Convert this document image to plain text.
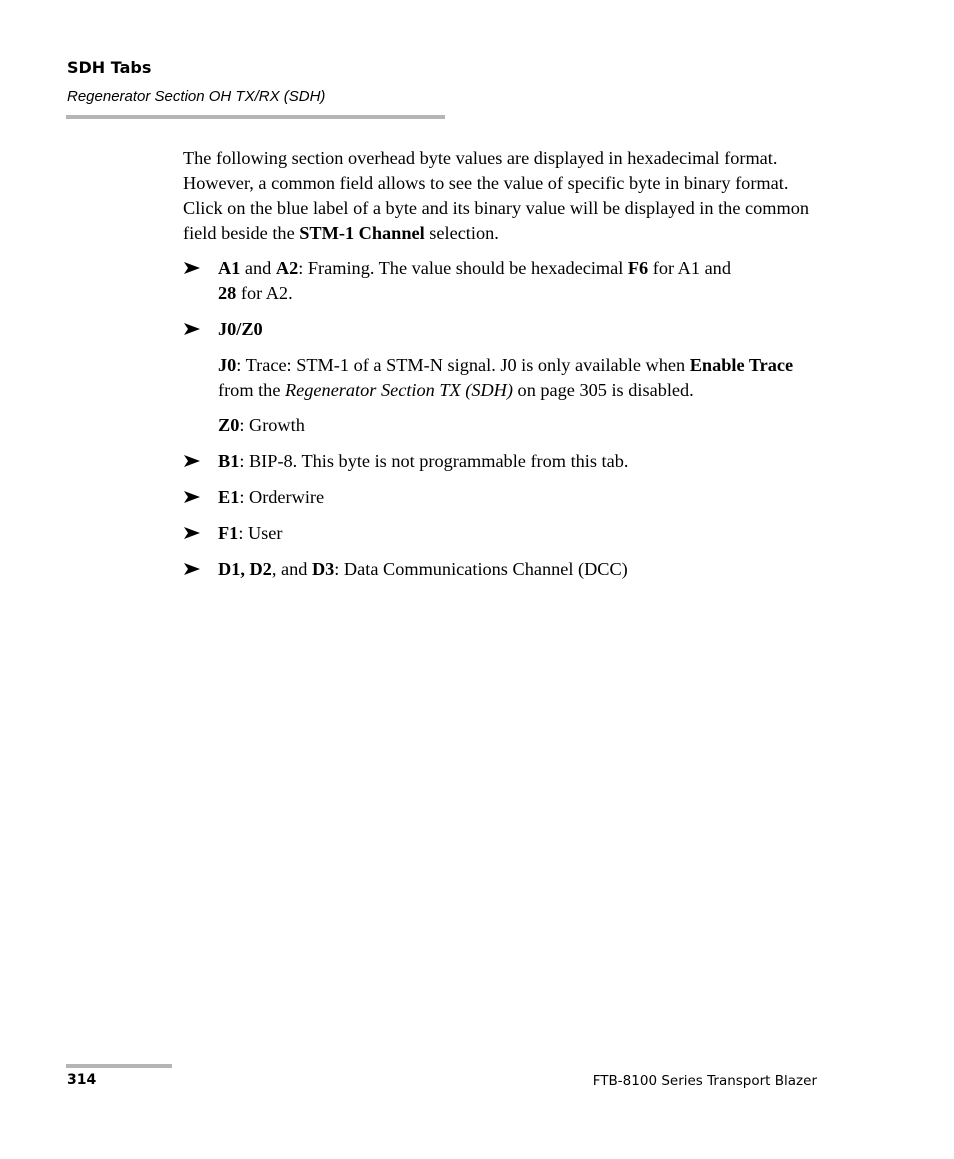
SDH Tabs
Regenerator Section OH TX/RX (SDH)
The following section overhead byte values are displayed in hexadecimal format. However, a common field allows to see the value of specific byte in binary format. Click on the blue label of a byte and its binary value will be displayed in the common field beside the STM-1 Channel selection.
A1 and A2: Framing. The value should be hexadecimal F6 for A1 and
28 for A2.
J0/Z0
J0: Trace: STM-1 of a STM-N signal. J0 is only available when Enable Trace from the Regenerator Section TX (SDH) on page 305 is disabled.
Z0: Growth
B1: BIP-8. This byte is not programmable from this tab.
E1: Orderwire
F1: User
D1, D2, and D3: Data Communications Channel (DCC)
314	FTB-8100 Series Transport Blazer
